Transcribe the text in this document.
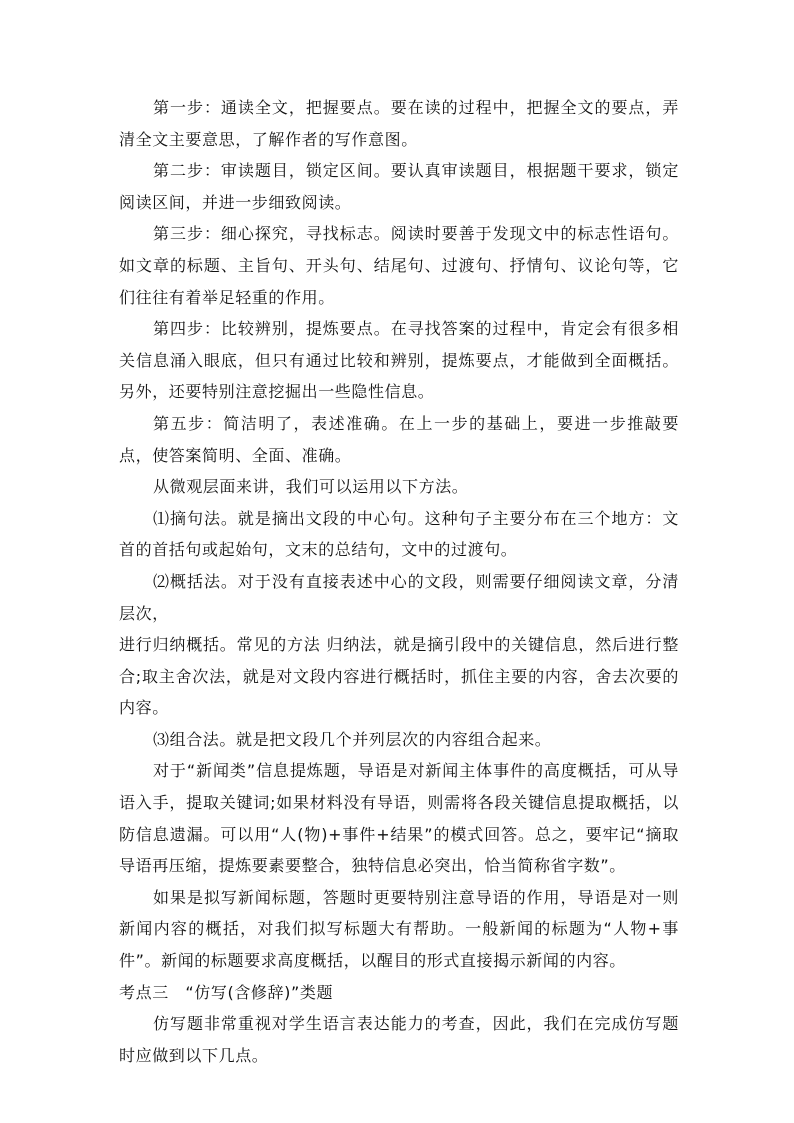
第一步：通读全文，把握要点。要在读的过程中，把握全文的要点，弄清全文主要意思，了解作者的写作意图。

第二步：审读题目，锁定区间。要认真审读题目，根据题干要求，锁定阅读区间，并进一步细致阅读。

第三步：细心探究，寻找标志。阅读时要善于发现文中的标志性语句。如文章的标题、主旨句、开头句、结尾句、过渡句、抒情句、议论句等，它们往往有着举足轻重的作用。

第四步：比较辨别，提炼要点。在寻找答案的过程中，肯定会有很多相关信息涌入眼底，但只有通过比较和辨别，提炼要点，才能做到全面概括。另外，还要特别注意挖掘出一些隐性信息。

第五步：简洁明了，表述准确。在上一步的基础上，要进一步推敲要点，使答案简明、全面、准确。

从微观层面来讲，我们可以运用以下方法。

⑴摘句法。就是摘出文段的中心句。这种句子主要分布在三个地方：文首的首括句或起始句，文末的总结句，文中的过渡句。

⑵概括法。对于没有直接表述中心的文段，则需要仔细阅读文章，分清层次，

进行归纳概括。常见的方法 归纳法，就是摘引段中的关键信息，然后进行整合;取主舍次法，就是对文段内容进行概括时，抓住主要的内容，舍去次要的内容。

⑶组合法。就是把文段几个并列层次的内容组合起来。

对于“新闻类”信息提炼题，导语是对新闻主体事件的高度概括，可从导语入手，提取关键词;如果材料没有导语，则需将各段关键信息提取概括，以防信息遗漏。可以用“人(物)+事件+结果”的模式回答。总之，要牢记“摘取导语再压缩，提炼要素要整合，独特信息必突出，恰当简称省字数”。

如果是拟写新闻标题，答题时更要特别注意导语的作用，导语是对一则新闻内容的概括，对我们拟写标题大有帮助。一般新闻的标题为“人物+事件”。新闻的标题要求高度概括，以醒目的形式直接揭示新闻的内容。

考点三　“仿写(含修辞)”类题

仿写题非常重视对学生语言表达能力的考查，因此，我们在完成仿写题时应做到以下几点。
